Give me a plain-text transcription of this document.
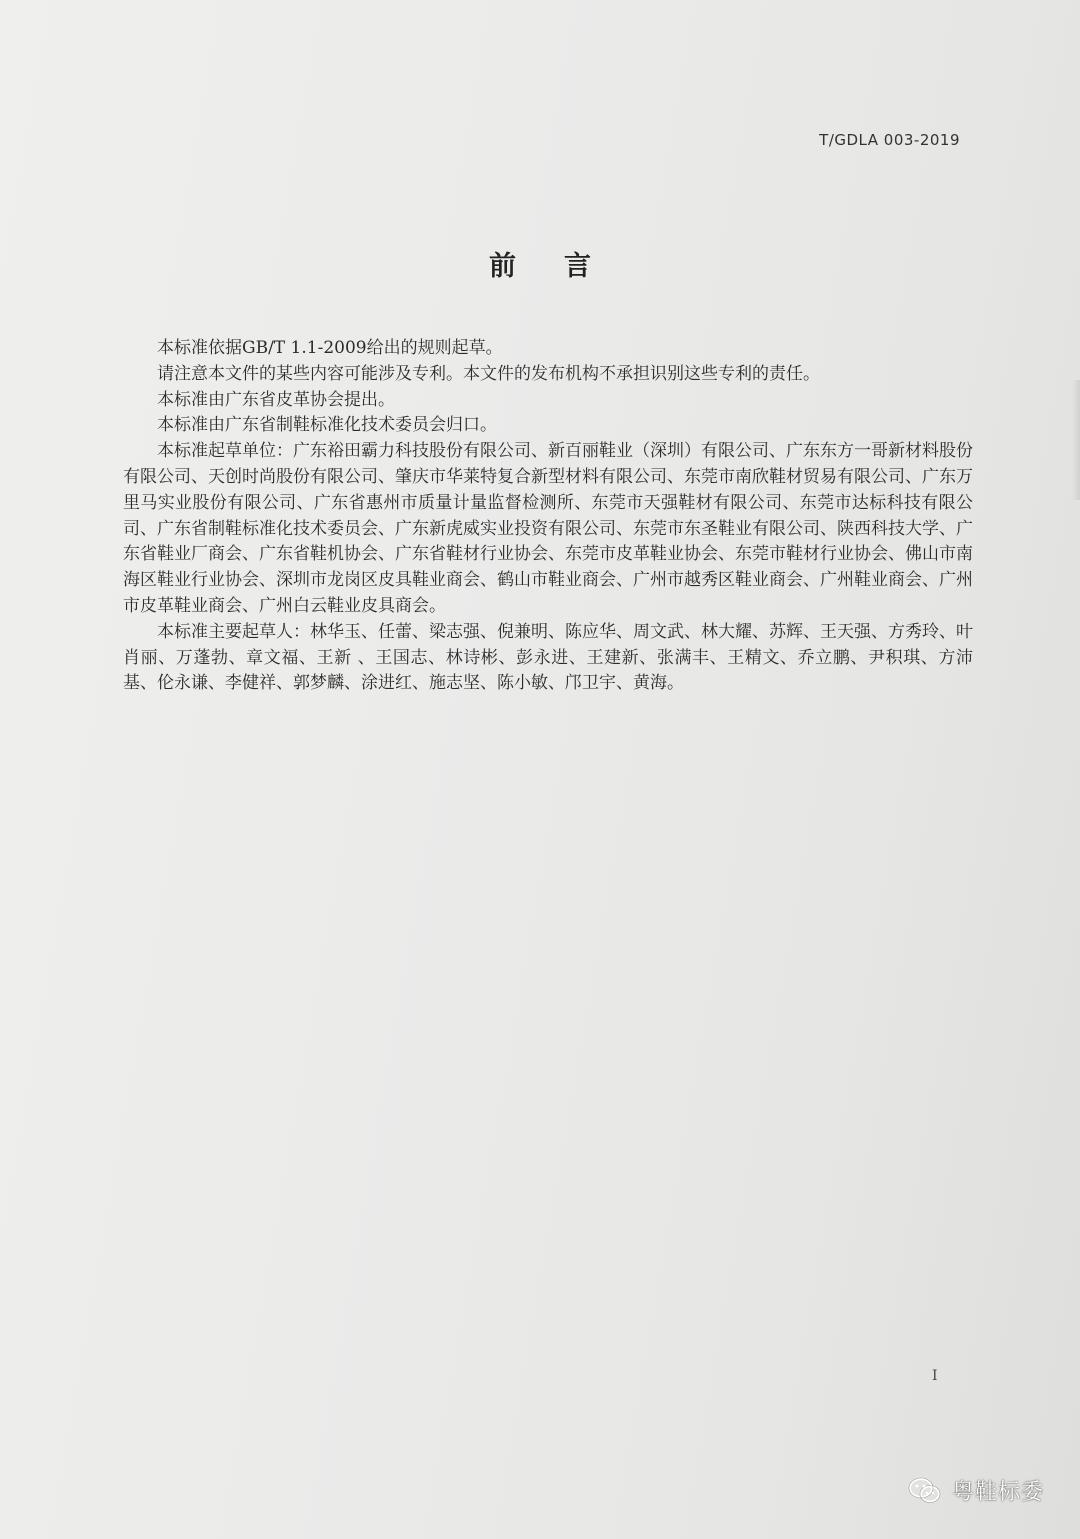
T/GDLA 003-2019
前言

本标准依据GB/T 1.1-2009给出的规则起草。

请注意本文件的某些内容可能涉及专利。本文件的发布机构不承担识别这些专利的责任。

本标准由广东省皮革协会提出。

本标准由广东省制鞋标准化技术委员会归口。

本标准起草单位：广东裕田霸力科技股份有限公司、新百丽鞋业（深圳）有限公司、广东东方一哥新材料股份有限公司、天创时尚股份有限公司、肇庆市华莱特复合新型材料有限公司、东莞市南欣鞋材贸易有限公司、广东万里马实业股份有限公司、广东省惠州市质量计量监督检测所、东莞市天强鞋材有限公司、东莞市达标科技有限公司、广东省制鞋标准化技术委员会、广东新虎威实业投资有限公司、东莞市东圣鞋业有限公司、陕西科技大学、广东省鞋业厂商会、广东省鞋机协会、广东省鞋材行业协会、东莞市皮革鞋业协会、东莞市鞋材行业协会、佛山市南海区鞋业行业协会、深圳市龙岗区皮具鞋业商会、鹤山市鞋业商会、广州市越秀区鞋业商会、广州鞋业商会、广州市皮革鞋业商会、广州白云鞋业皮具商会。

本标准主要起草人：林华玉、任蕾、梁志强、倪兼明、陈应华、周文武、林大耀、苏辉、王天强、方秀玲、叶肖丽、万蓬勃、章文福、王新 、王国志、林诗彬、彭永进、王建新、张满丰、王精文、乔立鹏、尹积琪、方沛基、伦永谦、李健祥、郭梦麟、涂进红、施志坚、陈小敏、邝卫宇、黄海。

I
粤鞋标委
